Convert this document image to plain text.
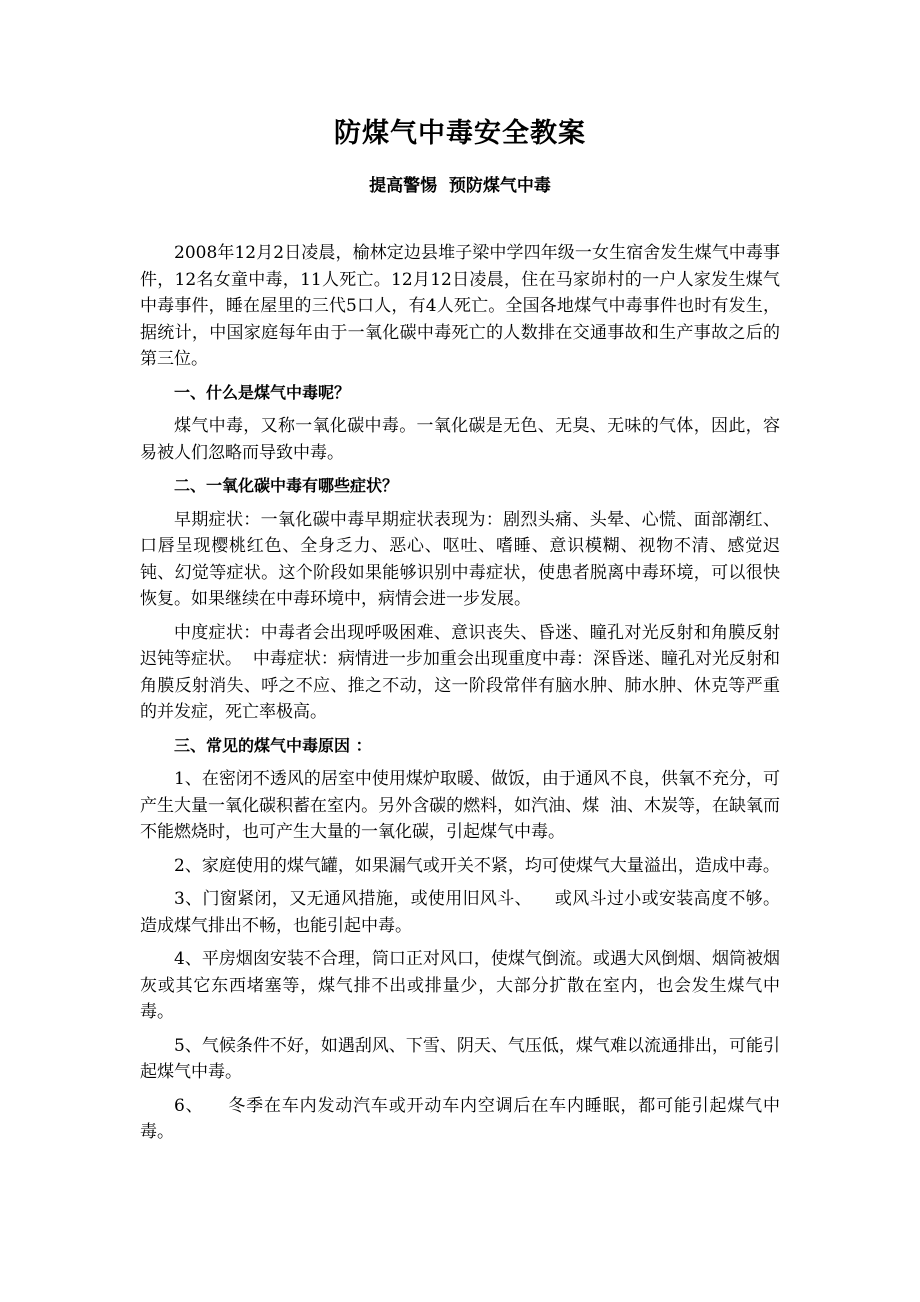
防煤气中毒安全教案
提高警惕  预防煤气中毒

2008年12月2日凌晨，榆林定边县堆子梁中学四年级一女生宿舍发生煤气中毒事件，12名女童中毒，11人死亡。12月12日凌晨，住在马家峁村的一户人家发生煤气中毒事件，睡在屋里的三代5口人，有4人死亡。全国各地煤气中毒事件也时有发生，据统计，中国家庭每年由于一氧化碳中毒死亡的人数排在交通事故和生产事故之后的第三位。

一、什么是煤气中毒呢？

煤气中毒，又称一氧化碳中毒。一氧化碳是无色、无臭、无味的气体，因此，容易被人们忽略而导致中毒。

二、一氧化碳中毒有哪些症状？

早期症状：一氧化碳中毒早期症状表现为：剧烈头痛、头晕、心慌、面部潮红、口唇呈现樱桃红色、全身乏力、恶心、呕吐、嗜睡、意识模糊、视物不清、感觉迟钝、幻觉等症状。这个阶段如果能够识别中毒症状，使患者脱离中毒环境，可以很快恢复。如果继续在中毒环境中，病情会进一步发展。

中度症状：中毒者会出现呼吸困难、意识丧失、昏迷、瞳孔对光反射和角膜反射迟钝等症状。  中毒症状：病情进一步加重会出现重度中毒：深昏迷、瞳孔对光反射和角膜反射消失、呼之不应、推之不动，这一阶段常伴有脑水肿、肺水肿、休克等严重的并发症，死亡率极高。

三、常见的煤气中毒原因 ：

1、在密闭不透风的居室中使用煤炉取暖、做饭，由于通风不良，供氧不充分，可产生大量一氧化碳积蓄在室内。另外含碳的燃料，如汽油、煤  油、木炭等，在缺氧而不能燃烧时，也可产生大量的一氧化碳，引起煤气中毒。

2、家庭使用的煤气罐，如果漏气或开关不紧，均可使煤气大量溢出，造成中毒。

3、门窗紧闭，又无通风措施，或使用旧风斗、    或风斗过小或安装高度不够。造成煤气排出不畅，也能引起中毒。

4、平房烟囱安装不合理，筒口正对风口，使煤气倒流。或遇大风倒烟、烟筒被烟灰或其它东西堵塞等，煤气排不出或排量少，大部分扩散在室内，也会发生煤气中毒。

5、气候条件不好，如遇刮风、下雪、阴天、气压低，煤气难以流通排出，可能引起煤气中毒。

6、    冬季在车内发动汽车或开动车内空调后在车内睡眠，都可能引起煤气中毒。
